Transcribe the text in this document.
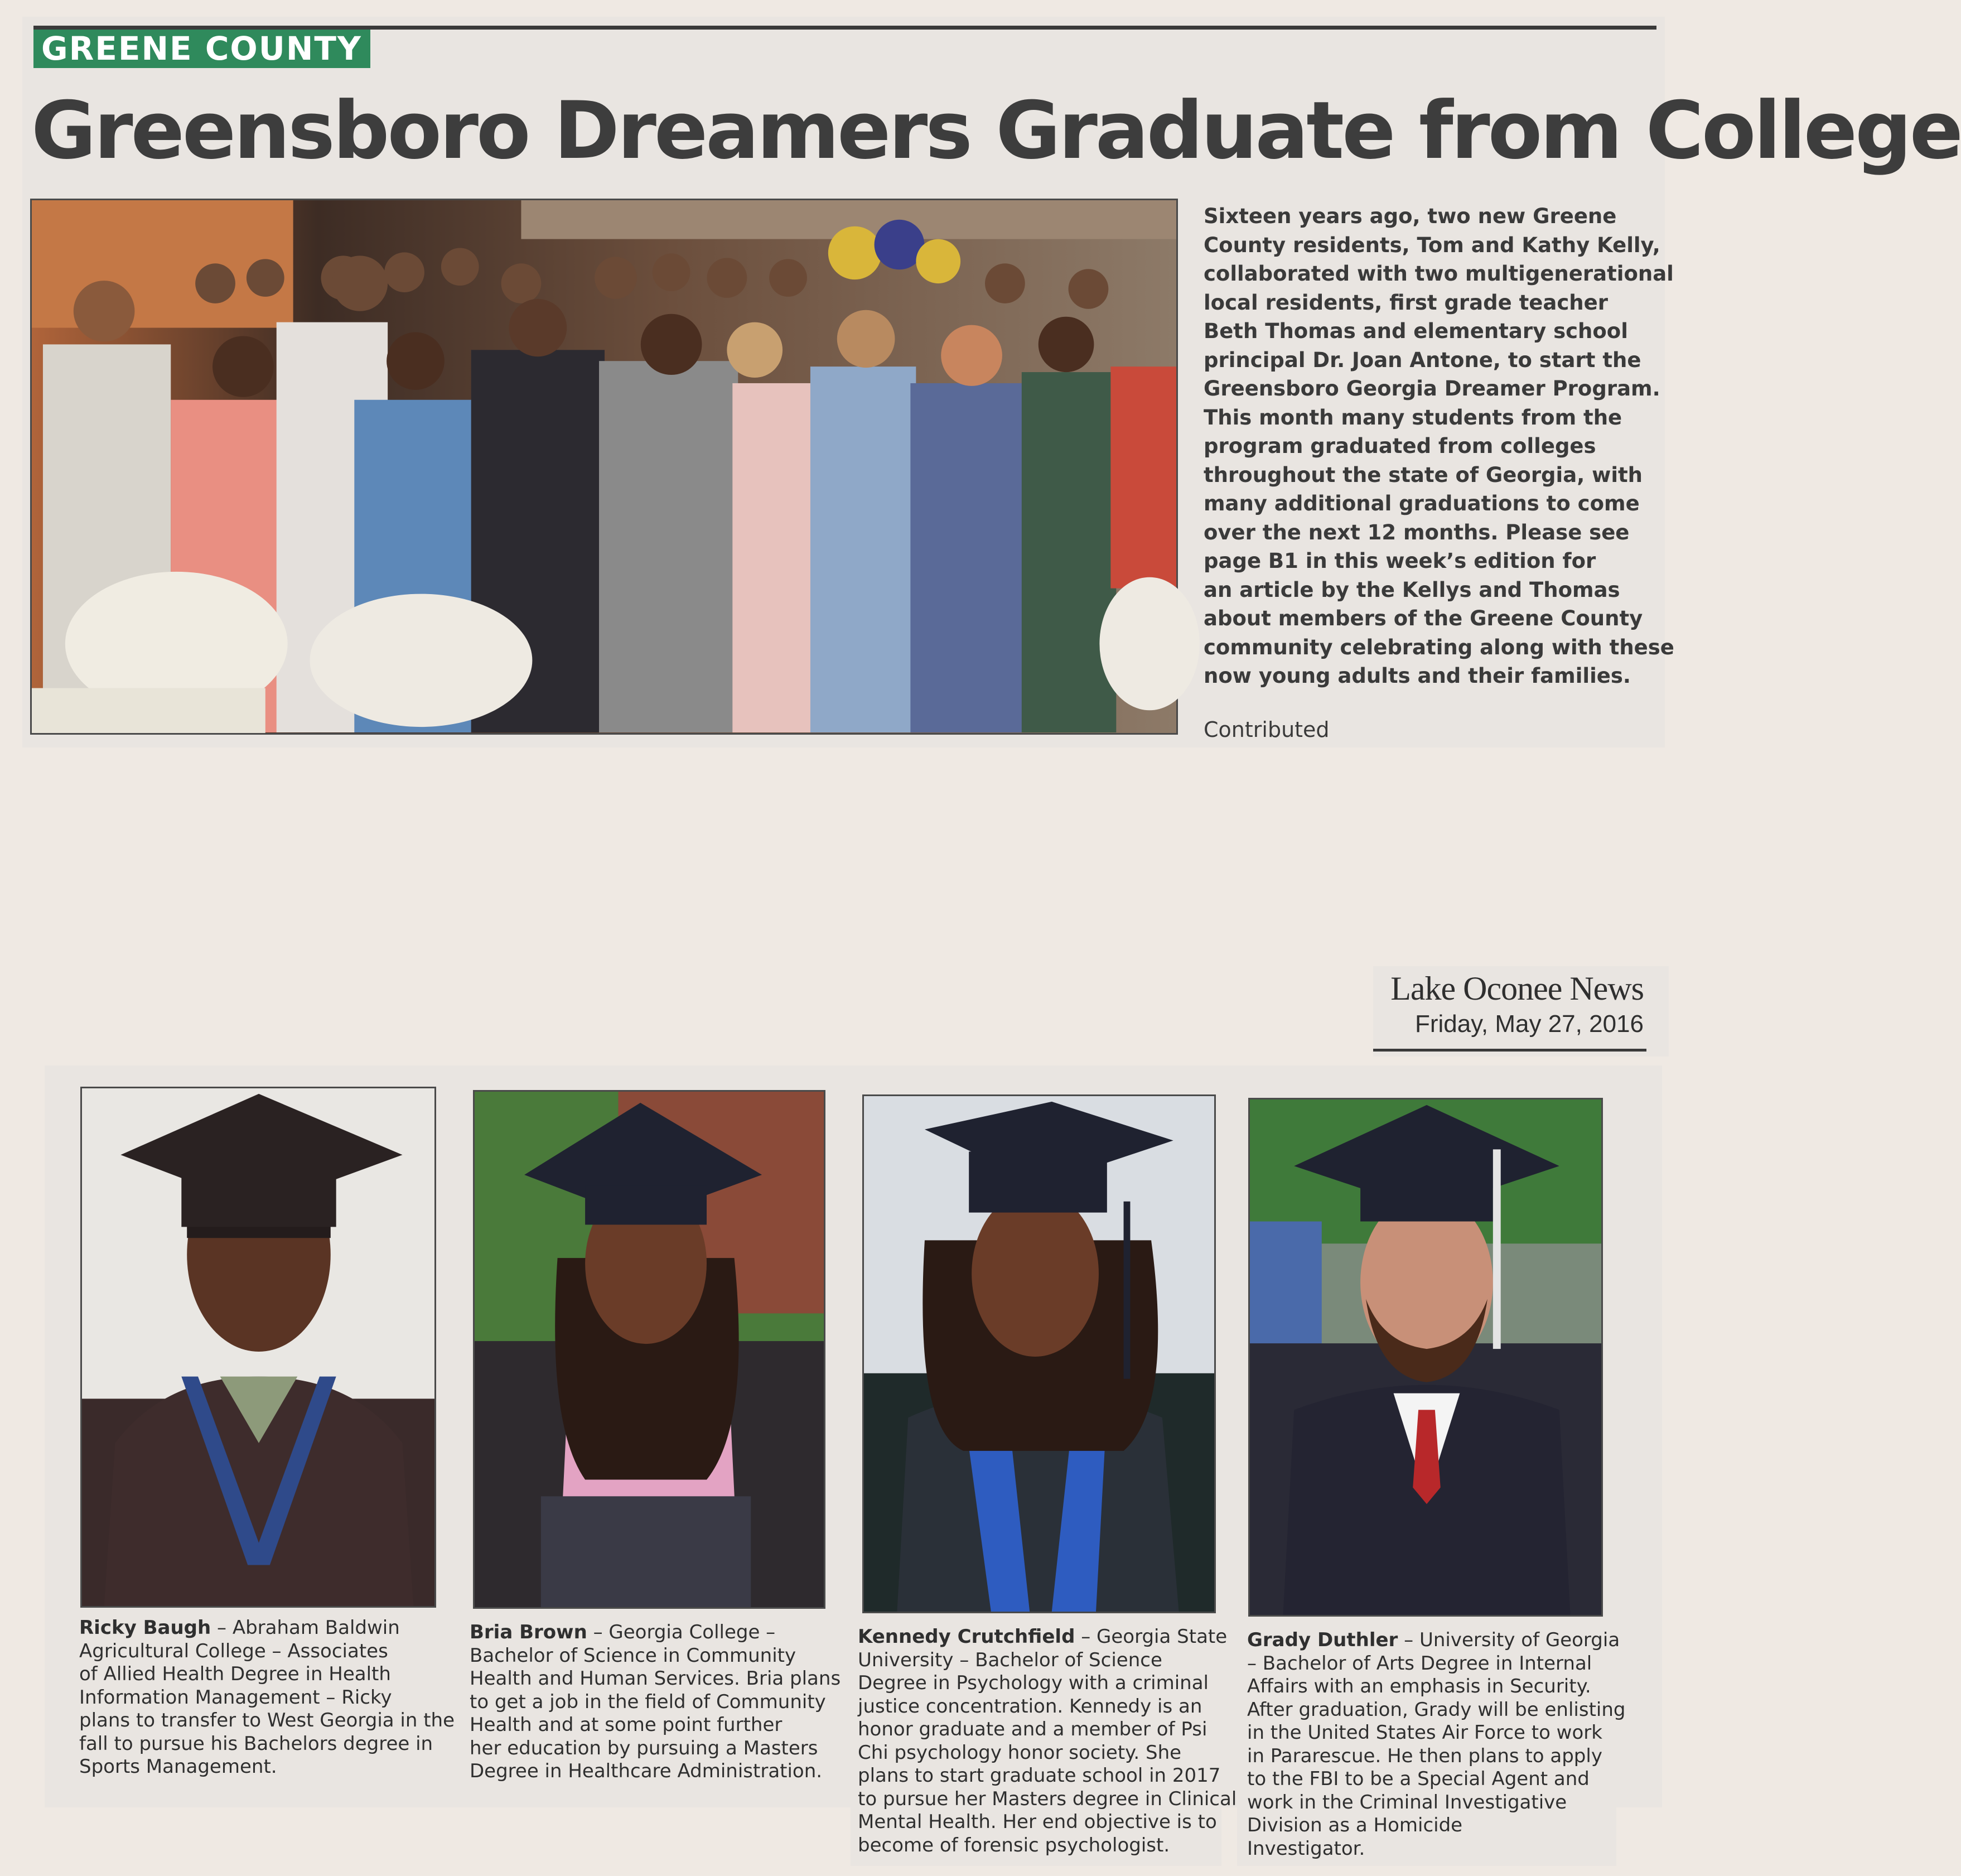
GREENE COUNTY
Greensboro Dreamers Graduate from College

Sixteen years ago, two new Greene
County residents, Tom and Kathy Kelly,
collaborated with two multigenerational
local residents, first grade teacher
Beth Thomas and elementary school
principal Dr. Joan Antone, to start the
Greensboro Georgia Dreamer Program.
This month many students from the
program graduated from colleges
throughout the state of Georgia, with
many additional graduations to come
over the next 12 months. Please see
page B1 in this week’s edition for
an article by the Kellys and Thomas
about members of the Greene County
community celebrating along with these
now young adults and their families.

Contributed
Lake Oconee News
Friday, May 27, 2016

Ricky Baugh – Abraham Baldwin
Agricultural College – Associates
of Allied Health Degree in Health
Information Management – Ricky
plans to transfer to West Georgia in the
fall to pursue his Bachelors degree in
Sports Management.

Bria Brown – Georgia College –
Bachelor of Science in Community
Health and Human Services. Bria plans
to get a job in the field of Community
Health and at some point further
her education by pursuing a Masters
Degree in Healthcare Administration.

Kennedy Crutchfield – Georgia State
University – Bachelor of Science
Degree in Psychology with a criminal
justice concentration. Kennedy is an
honor graduate and a member of Psi
Chi psychology honor society. She
plans to start graduate school in 2017
to pursue her Masters degree in Clinical
Mental Health. Her end objective is to
become of forensic psychologist.

Grady Duthler – University of Georgia
– Bachelor of Arts Degree in Internal
Affairs with an emphasis in Security.
After graduation, Grady will be enlisting
in the United States Air Force to work
in Pararescue. He then plans to apply
to the FBI to be a Special Agent and
work in the Criminal Investigative
Division as a Homicide
Investigator.
